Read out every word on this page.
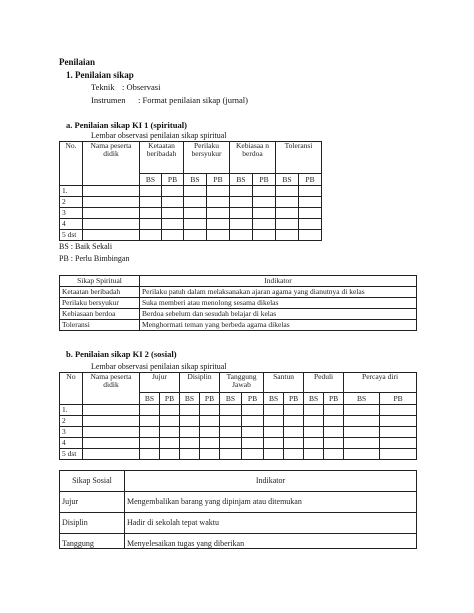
Penilaian
1. Penilaian sikap
Teknik : Observasi
Instrumen : Format penilaian sikap (jurnal)
a. Penilaian sikap KI 1 (spiritual)
Lembar observasi penilaian sikap spiritual
No.	Nama peserta didik	Ketaatan beribadah		Perilaku bersyukur		Kebiasaa n berdoa		Toleransi	
		BS	PB	BS	PB	BS	PB	BS	PB
1.									
2									
3									
4									
5 dst									
BS : Baik Sekali
PB : Perlu Bimbingan
Sikap Spiritual	Indikator
Ketaatan beribadah	Perilaku patuh dalam melaksanakan ajaran agama yang dianutnya di kelas
Perilaku bersyukur	Suka memberi atau menolong sesama dikelas
Kebiasaan berdoa	Berdoa sebelum dan sesudah belajar di kelas
Toleransi	Menghormati teman yang berbeda agama dikelas
b. Penilaian sikap KI 2 (sosial)
Lembar observasi penilaian sikap spiritual
No	Nama peserta didik	Jujur		Disiplin		Tanggung Jawab		Santun		Peduli		Percaya diri	
		BS	PB	BS	PB	BS	PB	BS	PB	BS	PB	BS	PB
1.													
2													
3													
4													
5 dst													
Sikap Sosial	Indikator
Jujur	Mengembalikan barang yang dipinjam atau ditemukan
Disiplin	Hadir di sekolah tepat waktu
Tanggung	Menyelesaikan tugas yang diberikan
